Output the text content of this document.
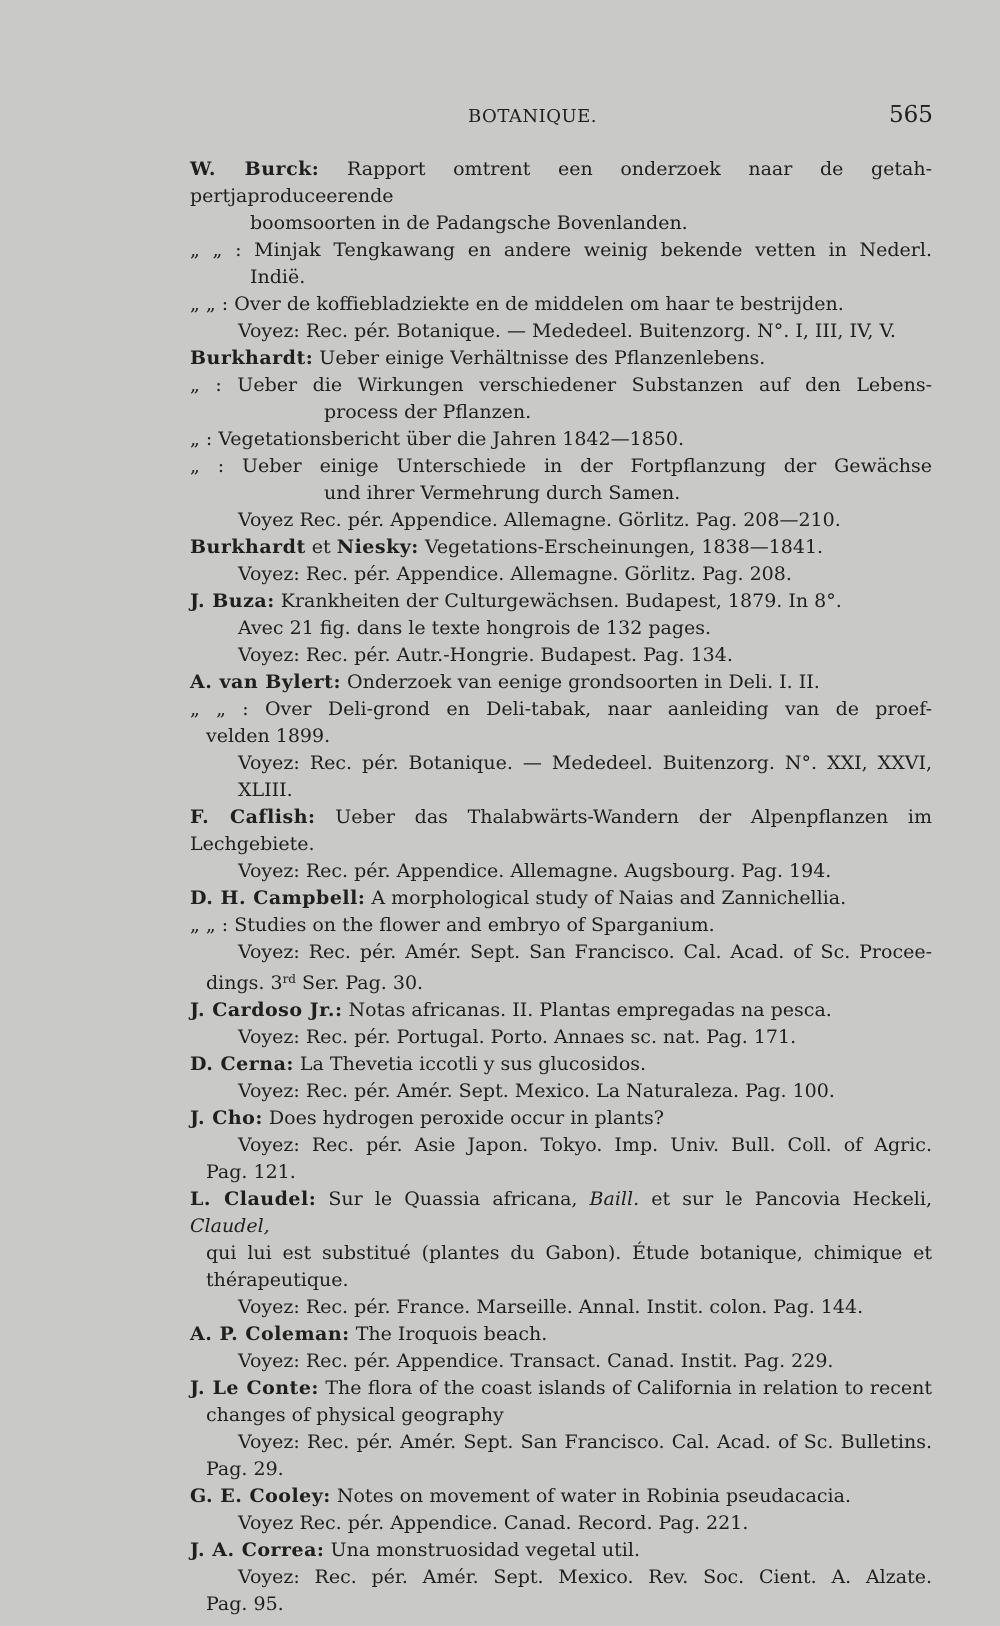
BOTANIQUE.	565
W. Burck: Rapport omtrent een onderzoek naar de getah-pertjaproduceerende
boomsoorten in de Padangsche Bovenlanden.
„ „ : Minjak Tengkawang en andere weinig bekende vetten in Nederl.
Indië.
„ „ : Over de koffiebladziekte en de middelen om haar te bestrijden.
Voyez: Rec. pér. Botanique. — Mededeel. Buitenzorg. N°. I, III, IV, V.
Burkhardt: Ueber einige Verhältnisse des Pflanzenlebens.
„ : Ueber die Wirkungen verschiedener Substanzen auf den Lebens-
process der Pflanzen.
„ : Vegetationsbericht über die Jahren 1842—1850.
„ : Ueber einige Unterschiede in der Fortpflanzung der Gewächse
und ihrer Vermehrung durch Samen.
Voyez Rec. pér. Appendice. Allemagne. Görlitz. Pag. 208—210.
Burkhardt et Niesky: Vegetations-Erscheinungen, 1838—1841.
Voyez: Rec. pér. Appendice. Allemagne. Görlitz. Pag. 208.
J. Buza: Krankheiten der Culturgewächsen. Budapest, 1879. In 8°.
Avec 21 fig. dans le texte hongrois de 132 pages.
Voyez: Rec. pér. Autr.-Hongrie. Budapest. Pag. 134.
A. van Bylert: Onderzoek van eenige grondsoorten in Deli. I. II.
„ „ : Over Deli-grond en Deli-tabak, naar aanleiding van de proef-
velden 1899.
Voyez: Rec. pér. Botanique. — Mededeel. Buitenzorg. N°. XXI, XXVI,
XLIII.
F. Caflish: Ueber das Thalabwärts-Wandern der Alpenpflanzen im Lechgebiete.
Voyez: Rec. pér. Appendice. Allemagne. Augsbourg. Pag. 194.
D. H. Campbell: A morphological study of Naias and Zannichellia.
„ „ : Studies on the flower and embryo of Sparganium.
Voyez: Rec. pér. Amér. Sept. San Francisco. Cal. Acad. of Sc. Procee-
dings. 3rd Ser. Pag. 30.
J. Cardoso Jr.: Notas africanas. II. Plantas empregadas na pesca.
Voyez: Rec. pér. Portugal. Porto. Annaes sc. nat. Pag. 171.
D. Cerna: La Thevetia iccotli y sus glucosidos.
Voyez: Rec. pér. Amér. Sept. Mexico. La Naturaleza. Pag. 100.
J. Cho: Does hydrogen peroxide occur in plants?
Voyez: Rec. pér. Asie Japon. Tokyo. Imp. Univ. Bull. Coll. of Agric.
Pag. 121.
L. Claudel: Sur le Quassia africana, Baill. et sur le Pancovia Heckeli, Claudel,
qui lui est substitué (plantes du Gabon). Étude botanique, chimique et
thérapeutique.
Voyez: Rec. pér. France. Marseille. Annal. Instit. colon. Pag. 144.
A. P. Coleman: The Iroquois beach.
Voyez: Rec. pér. Appendice. Transact. Canad. Instit. Pag. 229.
J. Le Conte: The flora of the coast islands of California in relation to recent
changes of physical geography
Voyez: Rec. pér. Amér. Sept. San Francisco. Cal. Acad. of Sc. Bulletins.
Pag. 29.
G. E. Cooley: Notes on movement of water in Robinia pseudacacia.
Voyez Rec. pér. Appendice. Canad. Record. Pag. 221.
J. A. Correa: Una monstruosidad vegetal util.
Voyez: Rec. pér. Amér. Sept. Mexico. Rev. Soc. Cient. A. Alzate.
Pag. 95.
